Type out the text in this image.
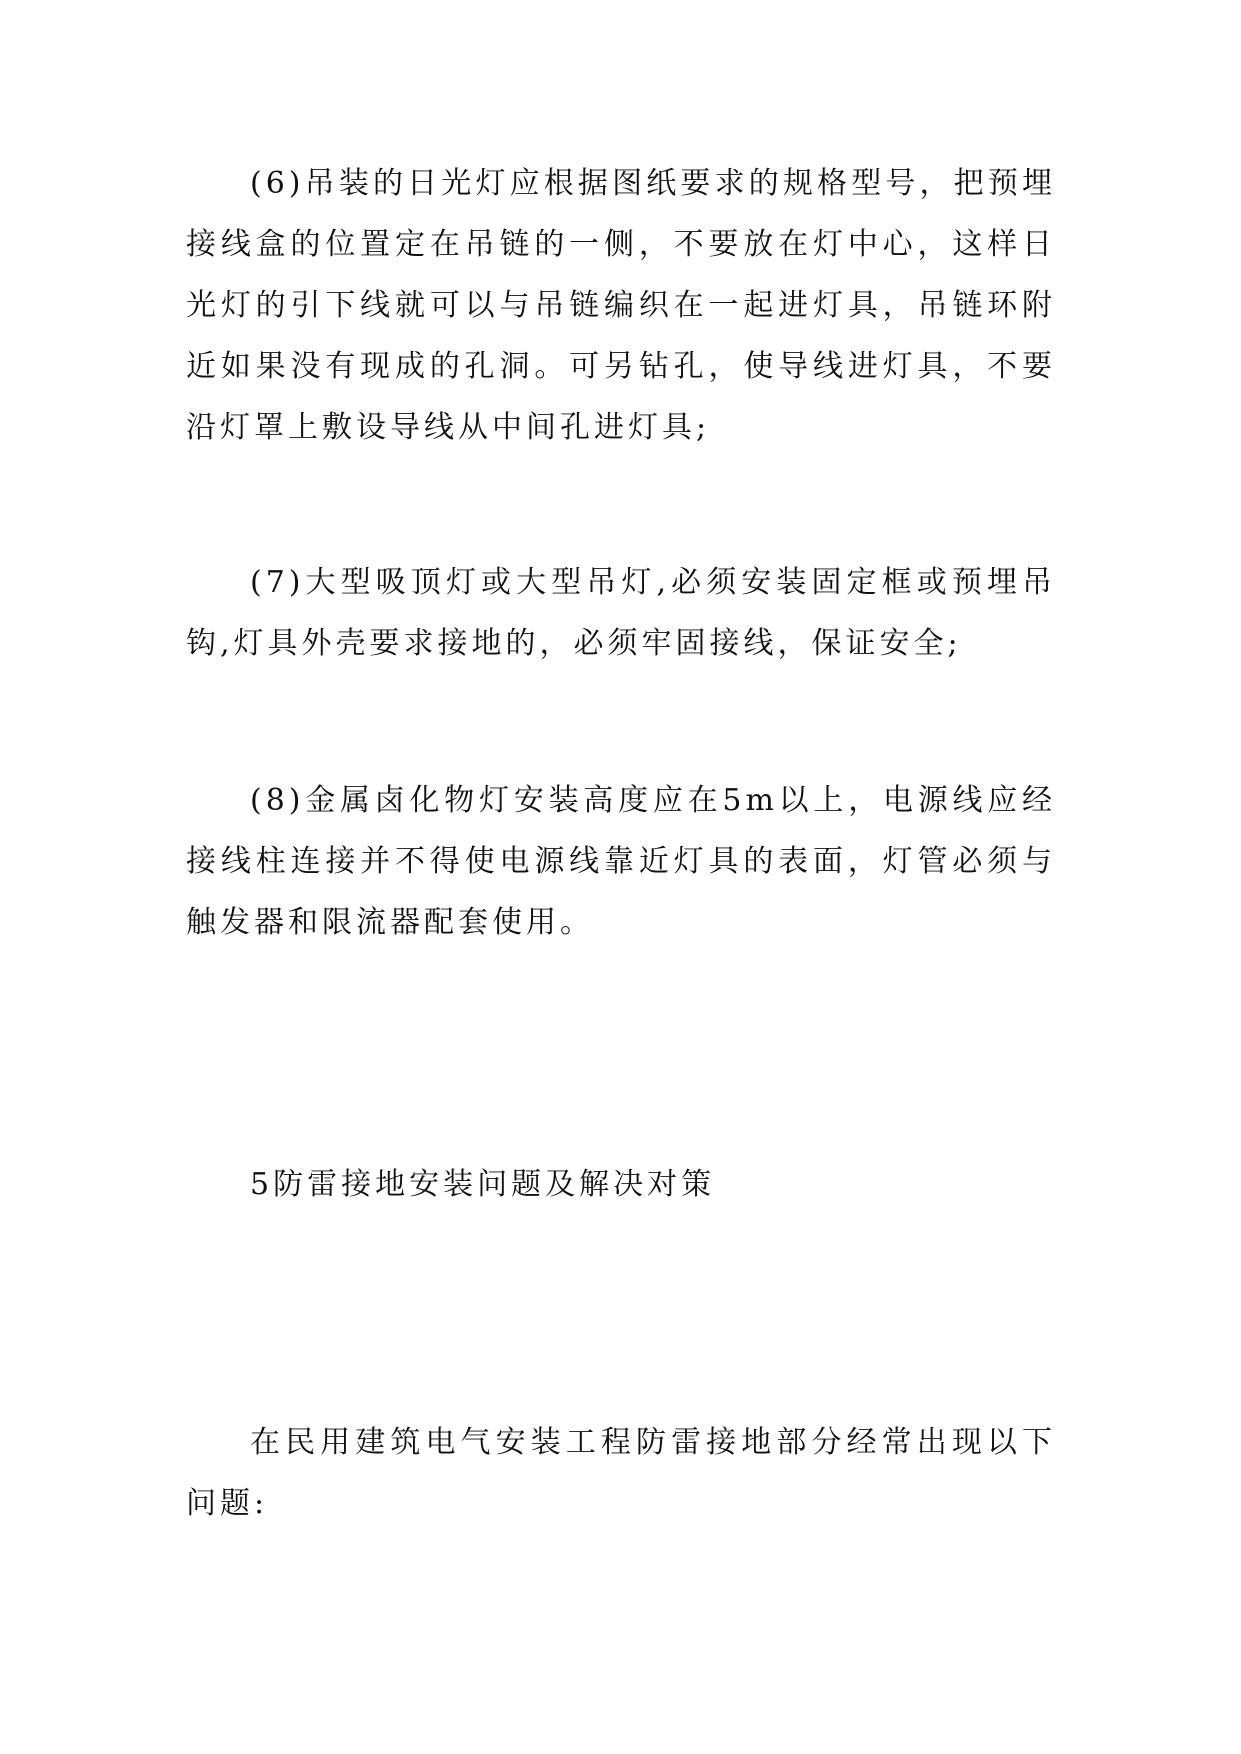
(6)吊装的日光灯应根据图纸要求的规格型号，把预埋接线盒的位置定在吊链的一侧，不要放在灯中心，这样日光灯的引下线就可以与吊链编织在一起进灯具，吊链环附近如果没有现成的孔洞。可另钻孔，使导线进灯具，不要沿灯罩上敷设导线从中间孔进灯具;

(7)大型吸顶灯或大型吊灯,必须安装固定框或预埋吊钩,灯具外壳要求接地的，必须牢固接线，保证安全;

(8)金属卤化物灯安装高度应在5m以上，电源线应经接线柱连接并不得使电源线靠近灯具的表面，灯管必须与触发器和限流器配套使用。

5防雷接地安装问题及解决对策

在民用建筑电气安装工程防雷接地部分经常出现以下问题:
